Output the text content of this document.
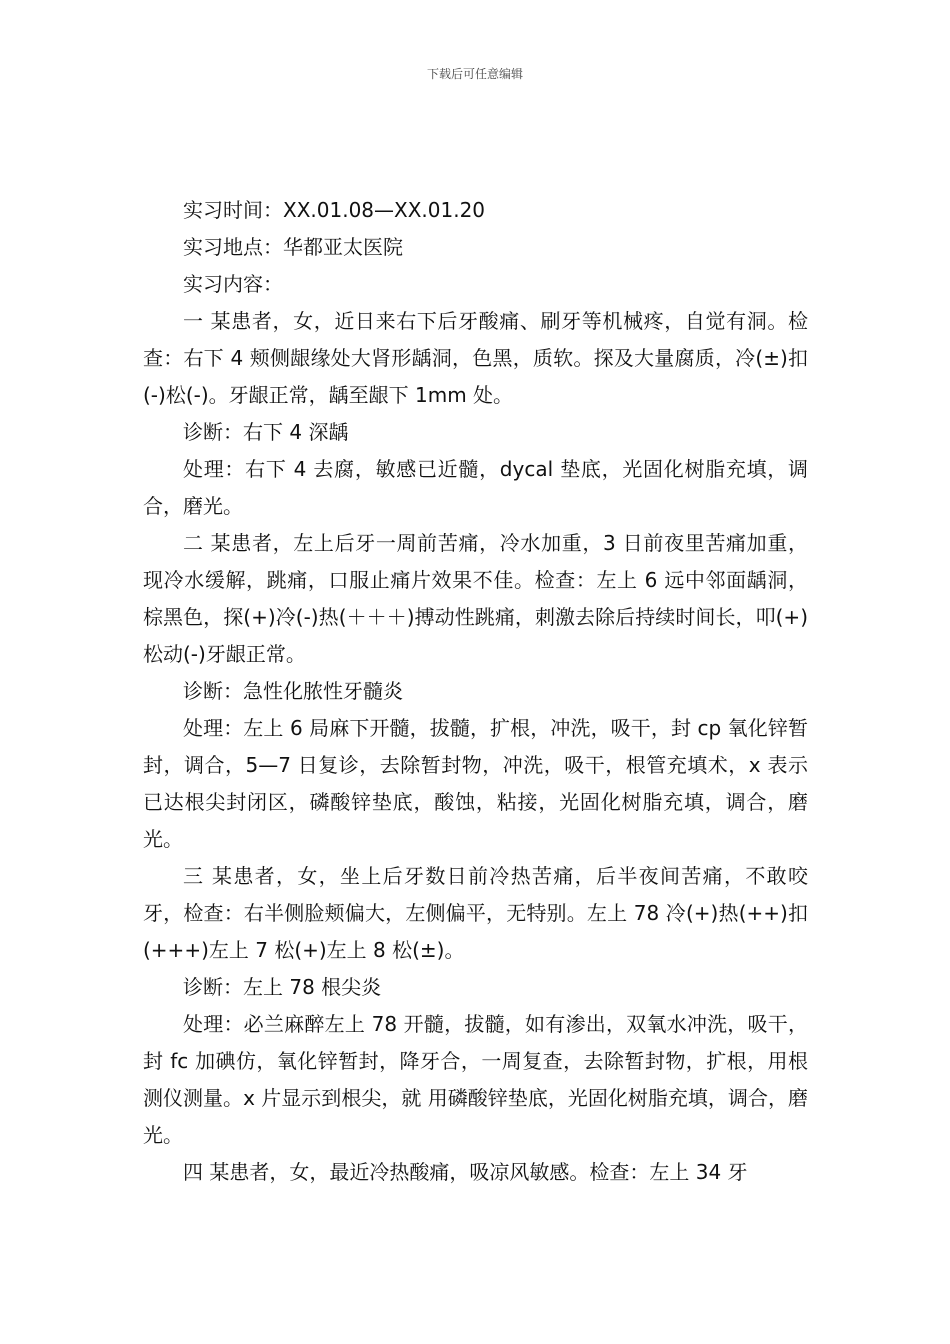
下载后可任意编辑

实习时间：XX.01.08—XX.01.20

实习地点：华都亚太医院

实习内容：

一 某患者，女，近日来右下后牙酸痛、刷牙等机械疼，自觉有洞。检查：右下 4 颊侧龈缘处大肾形龋洞，色黑，质软。探及大量腐质，冷(±)扣(-)松(-)。牙龈正常，龋至龈下 1mm 处。

诊断：右下 4 深龋

处理：右下 4 去腐，敏感已近髓，dycal 垫底，光固化树脂充填，调合，磨光。

二 某患者，左上后牙一周前苦痛，冷水加重，3 日前夜里苦痛加重，现冷水缓解，跳痛，口服止痛片效果不佳。检查：左上 6 远中邻面龋洞，棕黑色，探(+)冷(-)热(＋＋＋)搏动性跳痛，刺激去除后持续时间长，叩(+)松动(-)牙龈正常。

诊断：急性化脓性牙髓炎

处理：左上 6 局麻下开髓，拔髓，扩根，冲洗，吸干，封 cp 氧化锌暂封，调合，5—7 日复诊，去除暂封物，冲洗，吸干，根管充填术，x 表示已达根尖封闭区，磷酸锌垫底，酸蚀，粘接，光固化树脂充填，调合，磨光。

三 某患者，女，坐上后牙数日前冷热苦痛，后半夜间苦痛，不敢咬牙，检查：右半侧脸颊偏大，左侧偏平，无特别。左上 78 冷(+)热(++)扣(+++)左上 7 松(+)左上 8 松(±)。

诊断：左上 78 根尖炎

处理：必兰麻醉左上 78 开髓，拔髓，如有渗出，双氧水冲洗，吸干，封 fc 加碘仿，氧化锌暂封，降牙合，一周复查，去除暂封物，扩根，用根测仪测量。x 片显示到根尖，就 用磷酸锌垫底，光固化树脂充填，调合，磨光。

四 某患者，女，最近冷热酸痛，吸凉风敏感。检查：左上 34 牙
